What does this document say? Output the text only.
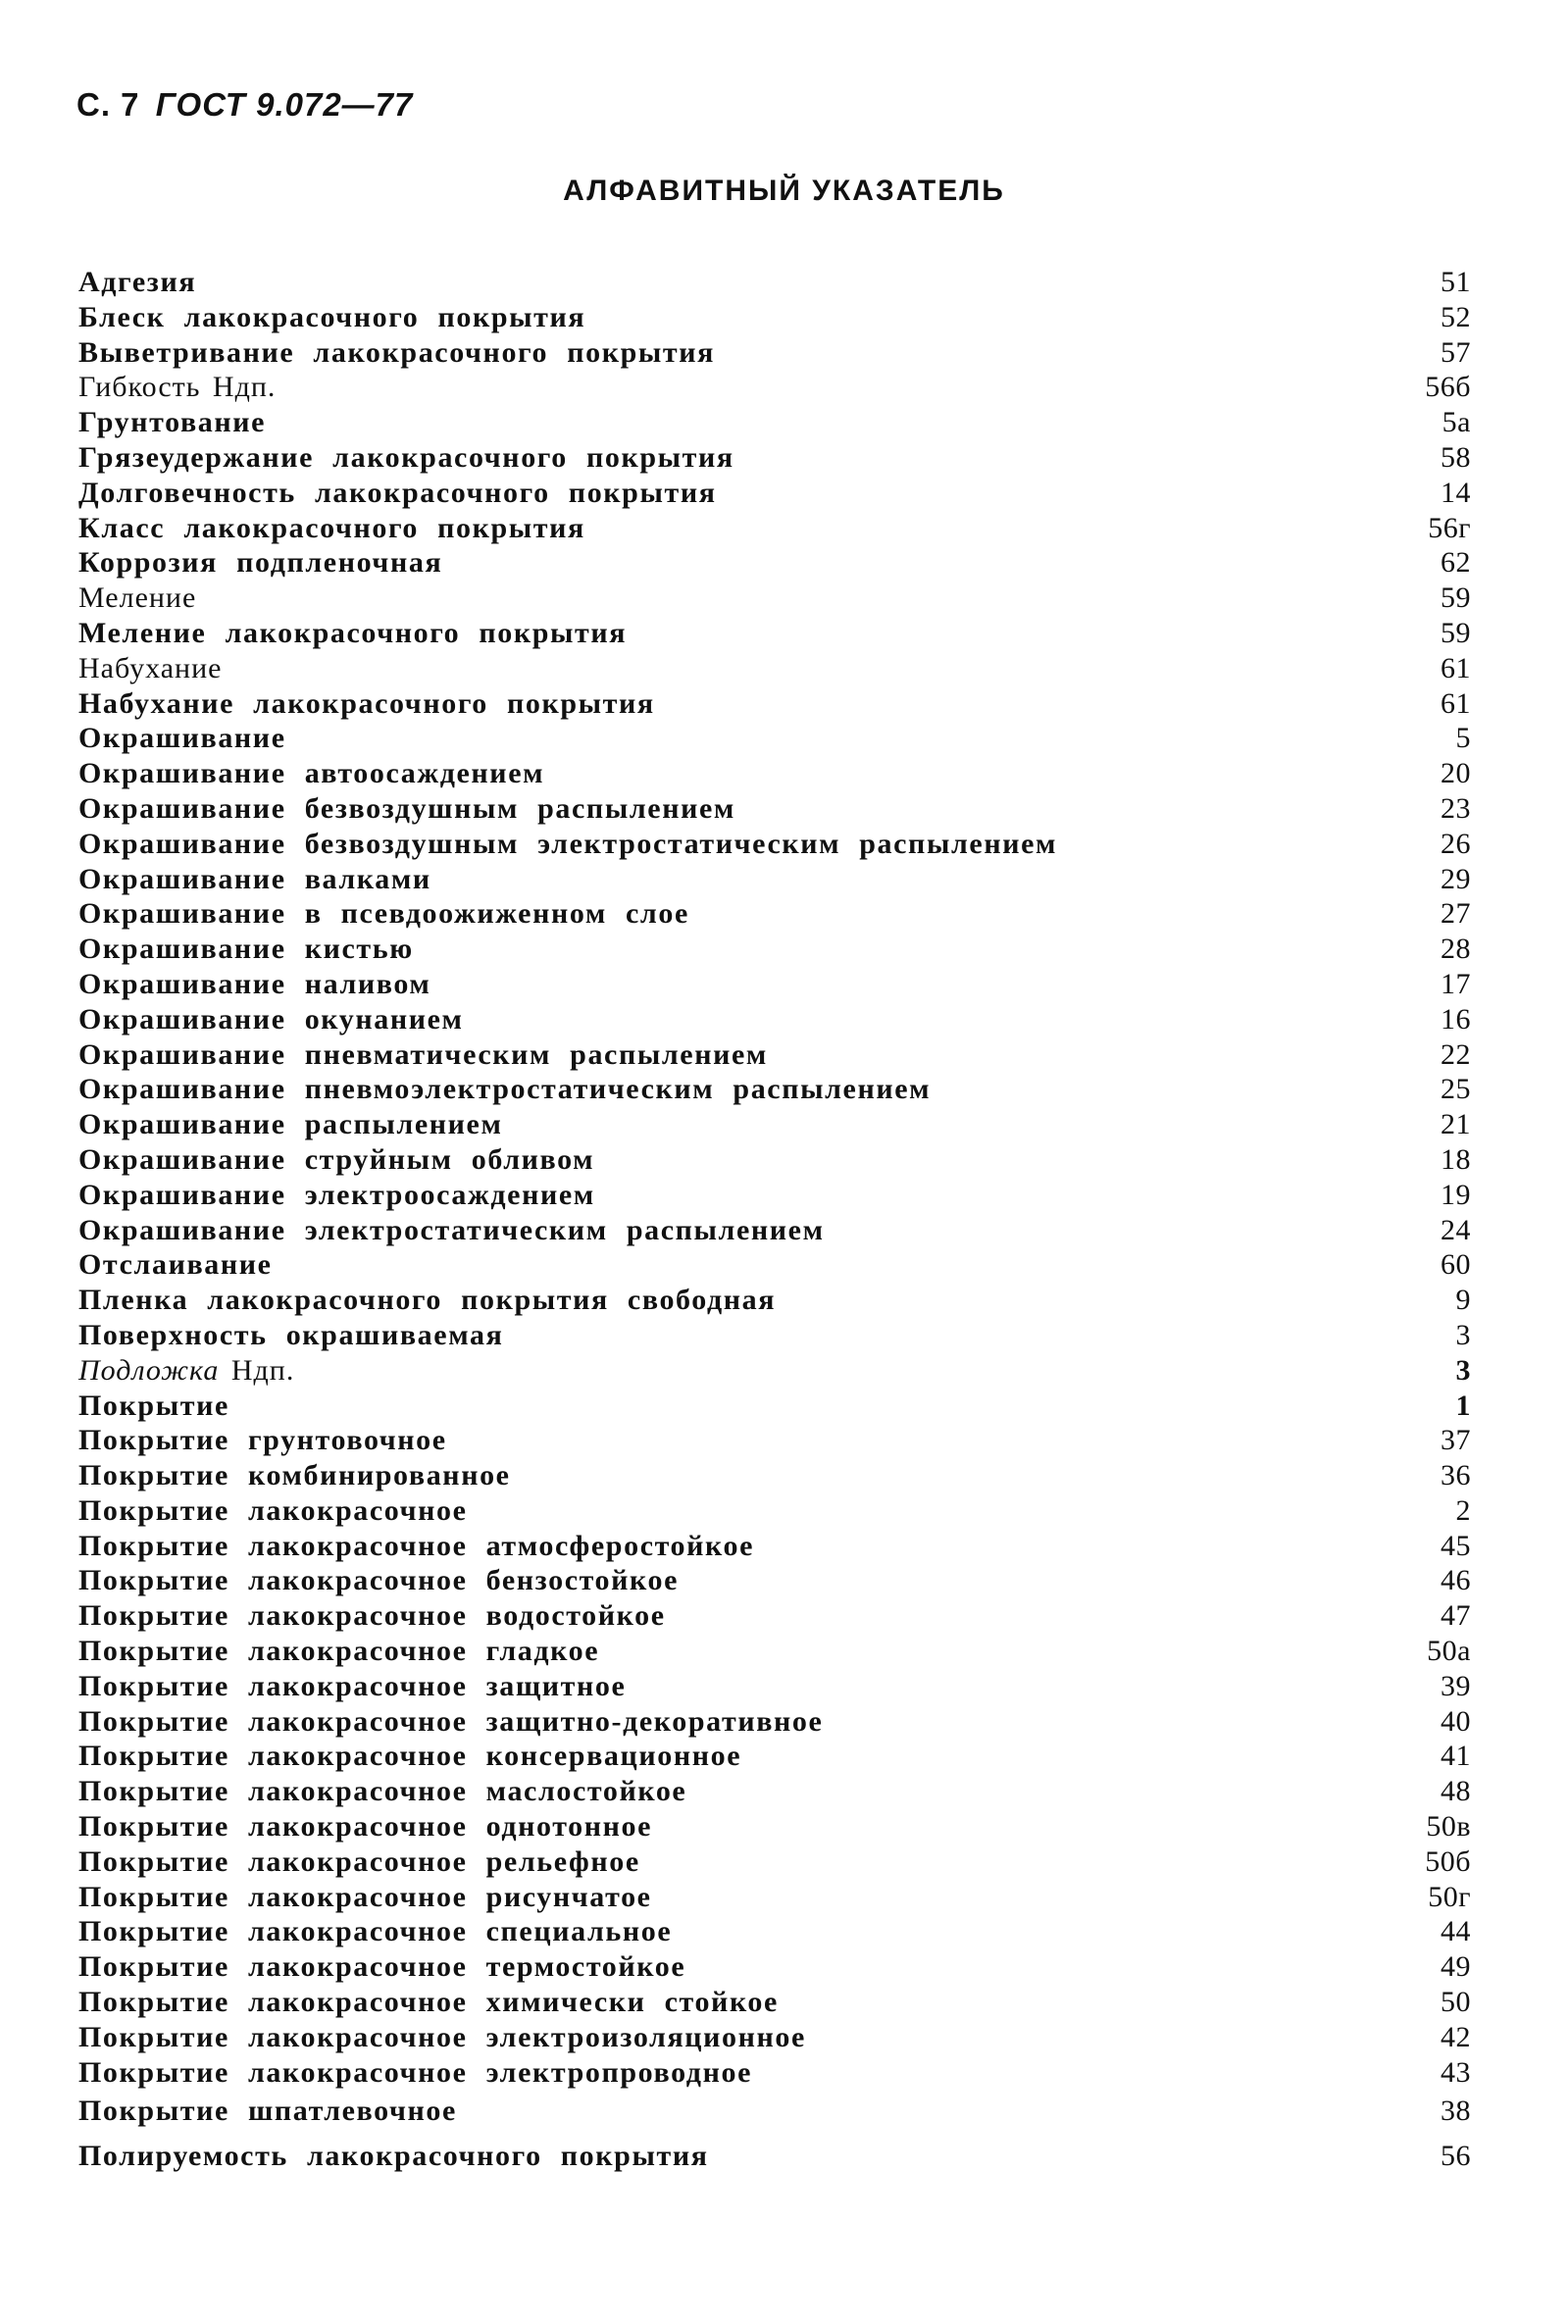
С. 7 ГОСТ 9.072—77
АЛФАВИТНЫЙ УКАЗАТЕЛЬ
Адгезия	51
Блеск лакокрасочного покрытия	52
Выветривание лакокрасочного покрытия	57
Гибкость Ндп.	56б
Грунтование	5а
Грязеудержание лакокрасочного покрытия	58
Долговечность лакокрасочного покрытия	14
Класс лакокрасочного покрытия	56г
Коррозия подпленочная	62
Меление	59
Меление лакокрасочного покрытия	59
Набухание	61
Набухание лакокрасочного покрытия	61
Окрашивание	5
Окрашивание автоосаждением	20
Окрашивание безвоздушным распылением	23
Окрашивание безвоздушным электростатическим распылением	26
Окрашивание валками	29
Окрашивание в псевдоожиженном слое	27
Окрашивание кистью	28
Окрашивание наливом	17
Окрашивание окунанием	16
Окрашивание пневматическим распылением	22
Окрашивание пневмоэлектростатическим распылением	25
Окрашивание распылением	21
Окрашивание струйным обливом	18
Окрашивание электроосаждением	19
Окрашивание электростатическим распылением	24
Отслаивание	60
Пленка лакокрасочного покрытия свободная	9
Поверхность окрашиваемая	3
Подложка Ндп.	3
Покрытие	1
Покрытие грунтовочное	37
Покрытие комбинированное	36
Покрытие лакокрасочное	2
Покрытие лакокрасочное атмосферостойкое	45
Покрытие лакокрасочное бензостойкое	46
Покрытие лакокрасочное водостойкое	47
Покрытие лакокрасочное гладкое	50а
Покрытие лакокрасочное защитное	39
Покрытие лакокрасочное защитно-декоративное	40
Покрытие лакокрасочное консервационное	41
Покрытие лакокрасочное маслостойкое	48
Покрытие лакокрасочное однотонное	50в
Покрытие лакокрасочное рельефное	50б
Покрытие лакокрасочное рисунчатое	50г
Покрытие лакокрасочное специальное	44
Покрытие лакокрасочное термостойкое	49
Покрытие лакокрасочное химически стойкое	50
Покрытие лакокрасочное электроизоляционное	42
Покрытие лакокрасочное электропроводное	43
Покрытие шпатлевочное	38
Полируемость лакокрасочного покрытия	56
